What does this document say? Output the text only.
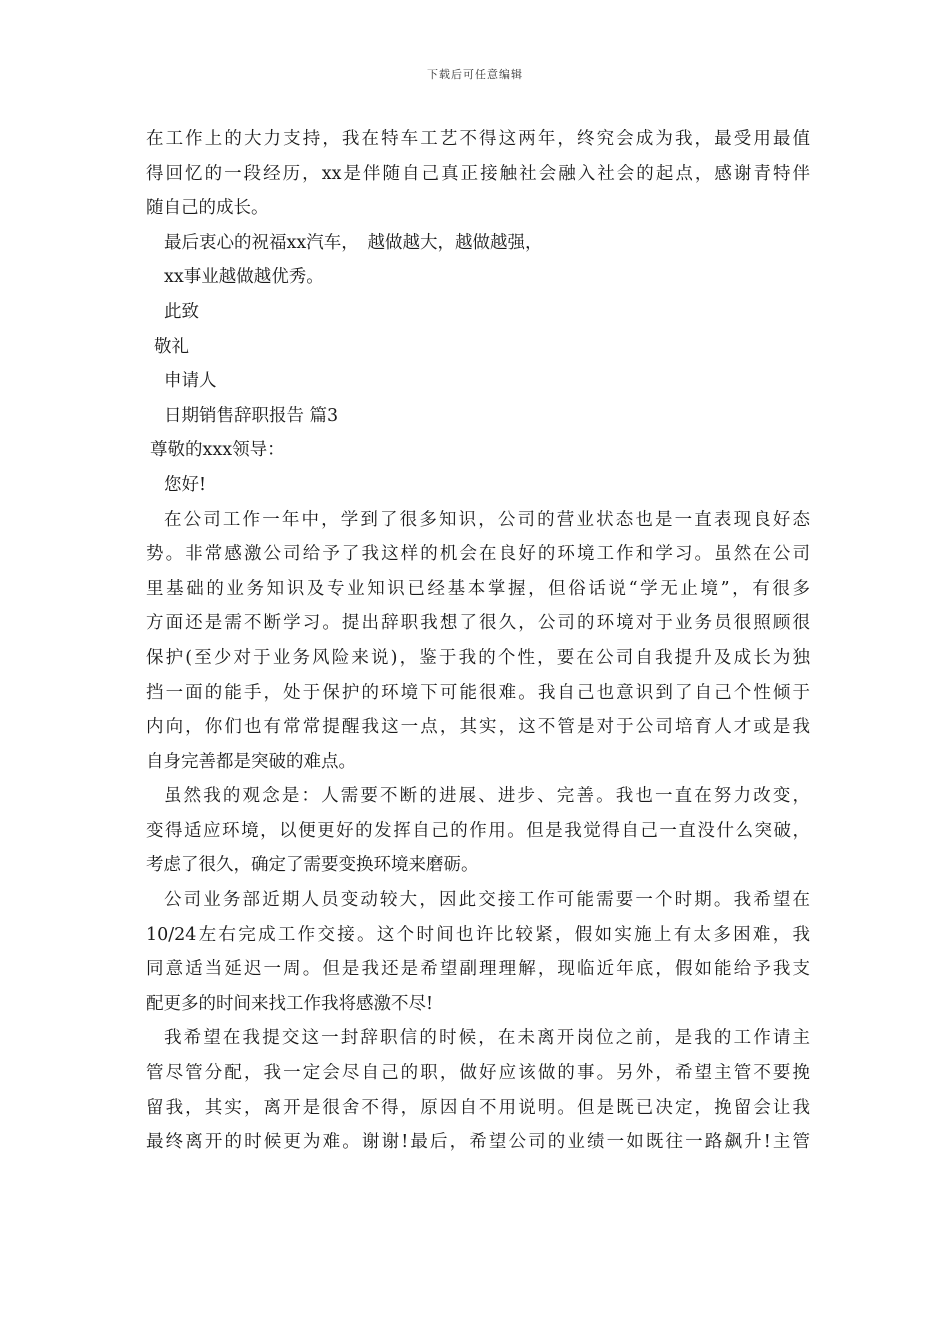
下载后可任意编辑
在工作上的大力支持，我在特车工艺不得这两年，终究会成为我，最受用最值
得回忆的一段经历，xx是伴随自己真正接触社会融入社会的起点，感谢青特伴
随自己的成长。
最后衷心的祝福xx汽车，　越做越大，越做越强，
xx事业越做越优秀。
此致
敬礼
申请人
日期销售辞职报告 篇3
尊敬的xxx领导：
您好!
在公司工作一年中，学到了很多知识，公司的营业状态也是一直表现良好态
势。非常感激公司给予了我这样的机会在良好的环境工作和学习。虽然在公司
里基础的业务知识及专业知识已经基本掌握，但俗话说“学无止境”，有很多
方面还是需不断学习。提出辞职我想了很久，公司的环境对于业务员很照顾很
保护(至少对于业务风险来说)，鉴于我的个性，要在公司自我提升及成长为独
挡一面的能手，处于保护的环境下可能很难。我自己也意识到了自己个性倾于
内向，你们也有常常提醒我这一点，其实，这不管是对于公司培育人才或是我
自身完善都是突破的难点。
虽然我的观念是：人需要不断的进展、进步、完善。我也一直在努力改变，
变得适应环境，以便更好的发挥自己的作用。但是我觉得自己一直没什么突破，
考虑了很久，确定了需要变换环境来磨砺。
公司业务部近期人员变动较大，因此交接工作可能需要一个时期。我希望在
10/24左右完成工作交接。这个时间也许比较紧，假如实施上有太多困难，我
同意适当延迟一周。但是我还是希望副理理解，现临近年底，假如能给予我支
配更多的时间来找工作我将感激不尽!
我希望在我提交这一封辞职信的时候，在未离开岗位之前，是我的工作请主
管尽管分配，我一定会尽自己的职，做好应该做的事。另外，希望主管不要挽
留我，其实，离开是很舍不得，原因自不用说明。但是既已决定，挽留会让我
最终离开的时候更为难。谢谢!最后，希望公司的业绩一如既往一路飙升!主管
